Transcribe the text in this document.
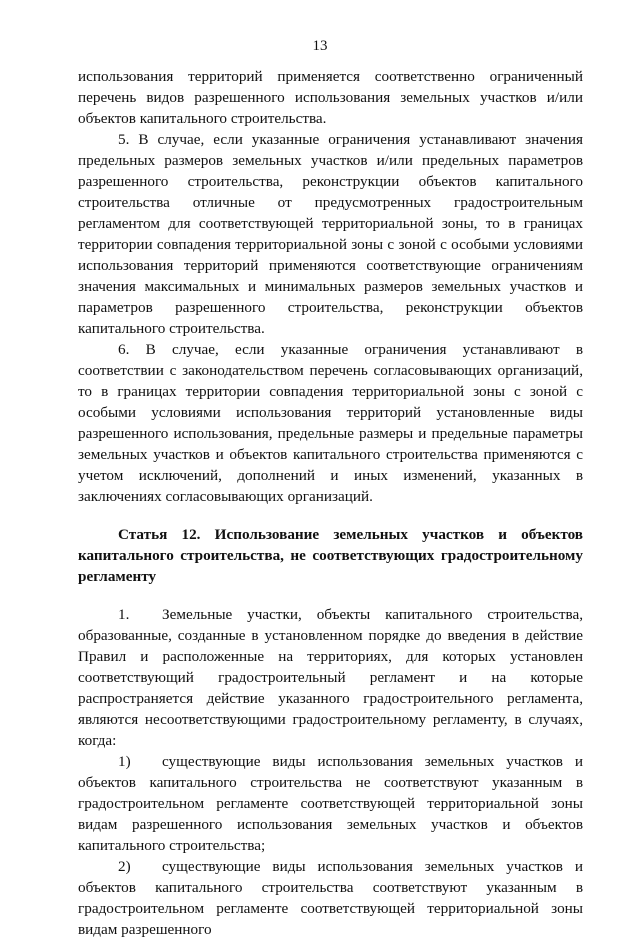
13

использования территорий применяется соответственно ограниченный перечень видов разрешенного использования земельных участков и/или объектов капитального строительства.

5. В случае, если указанные ограничения устанавливают значения предельных размеров земельных участков и/или предельных параметров разрешенного строительства, реконструкции объектов капитального строительства отличные от предусмотренных градостроительным регламентом для соответствующей территориальной зоны, то в границах территории совпадения территориальной зоны с зоной с особыми условиями использования территорий применяются соответствующие ограничениям значения максимальных и минимальных размеров земельных участков и параметров разрешенного строительства, реконструкции объектов капитального строительства.

6. В случае, если указанные ограничения устанавливают в соответствии с законодательством перечень согласовывающих организаций, то в границах территории совпадения территориальной зоны с зоной с особыми условиями использования территорий установленные виды разрешенного использования, предельные размеры и предельные параметры земельных участков и объектов капитального строительства применяются с учетом исключений, дополнений и иных изменений, указанных в заключениях согласовывающих организаций.

Статья 12. Использование земельных участков и объектов капитального строительства, не соответствующих градостроительному регламенту

1. Земельные участки, объекты капитального строительства, образованные, созданные в установленном порядке до введения в действие Правил и расположенные на территориях, для которых установлен соответствующий градостроительный регламент и на которые распространяется действие указанного градостроительного регламента, являются несоответствующими градостроительному регламенту, в случаях, когда:

1) существующие виды использования земельных участков и объектов капитального строительства не соответствуют указанным в градостроительном регламенте соответствующей территориальной зоны видам разрешенного использования земельных участков и объектов капитального строительства;

2) существующие виды использования земельных участков и объектов капитального строительства соответствуют указанным в градостроительном регламенте соответствующей территориальной зоны видам разрешенного
